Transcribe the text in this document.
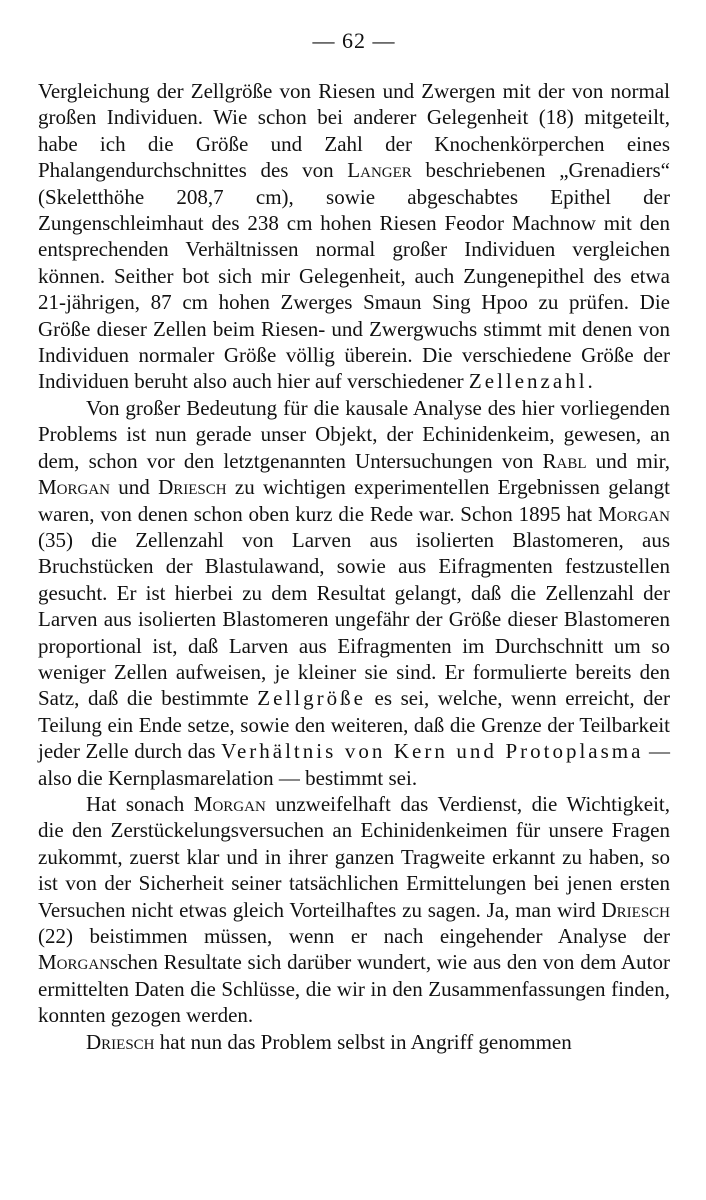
— 62 —

Vergleichung der Zellgröße von Riesen und Zwergen mit der von normal großen Individuen. Wie schon bei anderer Gelegenheit (18) mitgeteilt, habe ich die Größe und Zahl der Knochenkörperchen eines Phalangendurchschnittes des von Langer beschriebenen „Grenadiers“ (Skeletthöhe 208,7 cm), sowie abgeschabtes Epithel der Zungenschleimhaut des 238 cm hohen Riesen Feodor Machnow mit den entsprechenden Verhältnissen normal großer Individuen vergleichen können. Seither bot sich mir Gelegenheit, auch Zungenepithel des etwa 21-jährigen, 87 cm hohen Zwerges Smaun Sing Hpoo zu prüfen. Die Größe dieser Zellen beim Riesen- und Zwergwuchs stimmt mit denen von Individuen normaler Größe völlig überein. Die verschiedene Größe der Individuen beruht also auch hier auf verschiedener Zellenzahl.

Von großer Bedeutung für die kausale Analyse des hier vorliegenden Problems ist nun gerade unser Objekt, der Echinidenkeim, gewesen, an dem, schon vor den letztgenannten Untersuchungen von Rabl und mir, Morgan und Driesch zu wichtigen experimentellen Ergebnissen gelangt waren, von denen schon oben kurz die Rede war. Schon 1895 hat Morgan (35) die Zellenzahl von Larven aus isolierten Blastomeren, aus Bruchstücken der Blastulawand, sowie aus Eifragmenten festzustellen gesucht. Er ist hierbei zu dem Resultat gelangt, daß die Zellenzahl der Larven aus isolierten Blastomeren ungefähr der Größe dieser Blastomeren proportional ist, daß Larven aus Eifragmenten im Durchschnitt um so weniger Zellen aufweisen, je kleiner sie sind. Er formulierte bereits den Satz, daß die bestimmte Zellgröße es sei, welche, wenn erreicht, der Teilung ein Ende setze, sowie den weiteren, daß die Grenze der Teilbarkeit jeder Zelle durch das Verhältnis von Kern und Protoplasma — also die Kernplasmarelation — bestimmt sei.

Hat sonach Morgan unzweifelhaft das Verdienst, die Wichtigkeit, die den Zerstückelungsversuchen an Echinidenkeimen für unsere Fragen zukommt, zuerst klar und in ihrer ganzen Tragweite erkannt zu haben, so ist von der Sicherheit seiner tatsächlichen Ermittelungen bei jenen ersten Versuchen nicht etwas gleich Vorteilhaftes zu sagen. Ja, man wird Driesch (22) beistimmen müssen, wenn er nach eingehender Analyse der Morganschen Resultate sich darüber wundert, wie aus den von dem Autor ermittelten Daten die Schlüsse, die wir in den Zusammenfassungen finden, konnten gezogen werden.

Driesch hat nun das Problem selbst in Angriff genommen
